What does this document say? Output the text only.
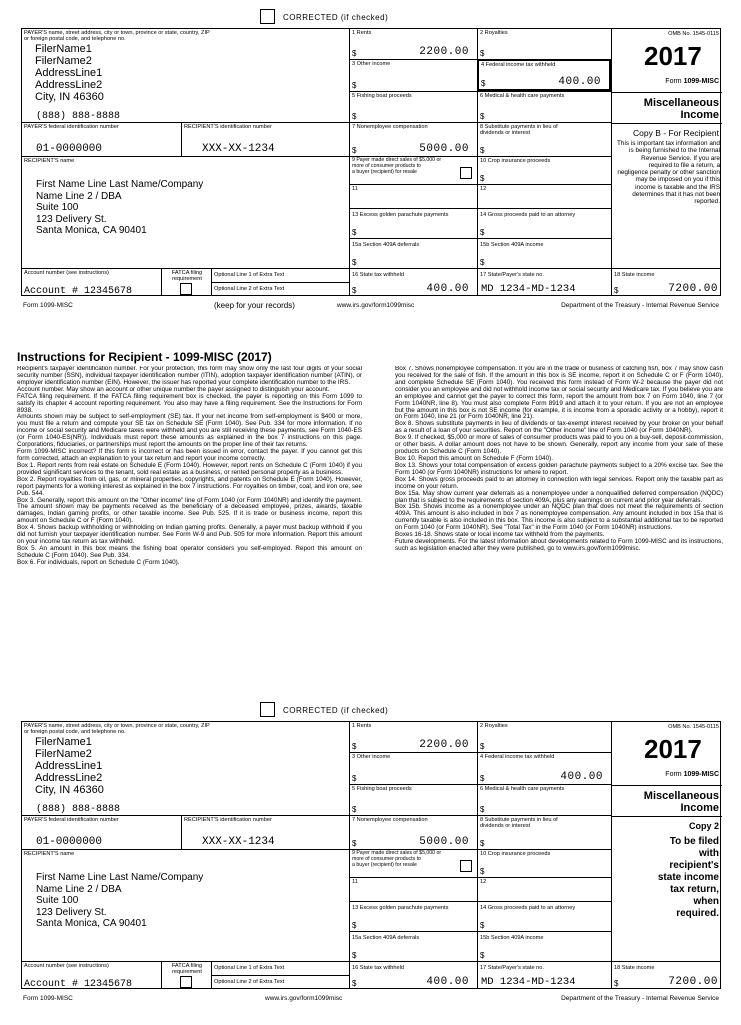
CORRECTED (if checked)
PAYER'S name, street address, city or town, province or state, country, ZIP
or foreign postal code, and telephone no.
FilerName1
FilerName2
AddressLine1
AddressLine2
City, IN 46360
(888) 888-8888
PAYER'S federal identification number
01-0000000
RECIPIENT'S identification number
XXX-XX-1234
RECIPIENT'S name
First Name Line Last Name/Company
Name Line 2 / DBA
Suite 100
123 Delivery St.
Santa Monica, CA 90401
Account number (see instructions)
Account # 12345678
FATCA filing
requirement
Optional Line 1 of Extra Text
Optional Line 2 of Extra Text
1 Rents
$	2200.00
2 Royalties
$
3 Other income
$
4 Federal income tax withheld
$	400.00
5 Fishing boat proceeds
$
6 Medical & health care payments
$
7 Nonemployee compensation
$	5000.00
8 Substitute payments in lieu of
dividends or interest
$
9 Payer made direct sales of $5,000 or
more of consumer products to
a buyer (recipient) for resale
10 Crop insurance proceeds
$
11	12
13 Excess golden parachute payments
$
14 Gross proceeds paid to an attorney
$
15a Section 409A deferrals
$
15b Section 409A income
$
16 State tax withheld
$	400.00
17 State/Payer's state no.
MD 1234-MD-1234
18 State income
$	7200.00
OMB No. 1545-0115
2017
Form 1099-MISC
Miscellaneous
Income
Copy B - For Recipient
This is important tax information and is being furnished to the Internal Revenue Service. If you are required to file a return, a negligence penalty or other sanction may be imposed on you if this income is taxable and the IRS determines that it has not been reported.
Form 1099-MISC	(keep for your records)	www.irs.gov/form1099misc	Department of the Treasury - Internal Revenue Service
Instructions for Recipient - 1099-MISC (2017)

Recipient's taxpayer identification number. For your protection, this form may show only the last four digits of your social security number (SSN), individual taxpayer identification number (ITIN), adoption taxpayer identification number (ATIN), or employer identification number (EIN). However, the issuer has reported your complete identification number to the IRS.

Account number. May show an account or other unique number the payer assigned to distinguish your account.

FATCA filing requirement. If the FATCA filing requirement box is checked, the payer is reporting on this Form 1099 to satisfy its chapter 4 account reporting requirement. You also may have a filing requirement. See the Instructions for Form 8938.

Amounts shown may be subject to self-employment (SE) tax. If your net income from self-employment is $400 or more, you must file a return and compute your SE tax on Schedule SE (Form 1040). See Pub. 334 for more information. If no income or social security and Medicare taxes were withheld and you are still receiving these payments, see Form 1040-ES (or Form 1040-ES(NR)). Individuals must report these amounts as explained in the box 7 instructions on this page. Corporations, fiduciaries, or partnerships must report the amounts on the proper line of their tax returns.

Form 1099-MISC incorrect? If this form is incorrect or has been issued in error, contact the payer. If you cannot get this form corrected, attach an explanation to your tax return and report your income correctly.

Box 1. Report rents from real estate on Schedule E (Form 1040). However, report rents on Schedule C (Form 1040) if you provided significant services to the tenant, sold real estate as a business, or rented personal property as a business.

Box 2. Report royalties from oil, gas, or mineral properties, copyrights, and patents on Schedule E (Form 1040). However, report payments for a working interest as explained in the box 7 instructions. For royalties on timber, coal, and iron ore, see Pub. 544.

Box 3. Generally, report this amount on the "Other income" line of Form 1040 (or Form 1040NR) and identify the payment. The amount shown may be payments received as the beneficiary of a deceased employee, prizes, awards, taxable damages, Indian gaming profits, or other taxable income. See Pub. 525. If it is trade or business income, report this amount on Schedule C or F (Form 1040).

Box 4. Shows backup withholding or withholding on Indian gaming profits. Generally, a payer must backup withhold if you did not furnish your taxpayer identification number. See Form W-9 and Pub. 505 for more information. Report this amount on your income tax return as tax withheld.

Box 5. An amount in this box means the fishing boat operator considers you self-employed. Report this amount on Schedule C (Form 1040). See Pub. 334.

Box 6. For individuals, report on Schedule C (Form 1040).

Box 7. Shows nonemployee compensation. If you are in the trade or business of catching fish, box 7 may show cash you received for the sale of fish. If the amount in this box is SE income, report it on Schedule C or F (Form 1040), and complete Schedule SE (Form 1040). You received this form instead of Form W-2 because the payer did not consider you an employee and did not withhold income tax or social security and Medicare tax. If you believe you are an employee and cannot get the payer to correct this form, report the amount from box 7 on Form 1040, line 7 (or Form 1040NR, line 8). You must also complete Form 8919 and attach it to your return. If you are not an employee but the amount in this box is not SE income (for example, it is income from a sporadic activity or a hobby), report it on Form 1040, line 21 (or Form 1040NR, line 21).

Box 8. Shows substitute payments in lieu of dividends or tax-exempt interest received by your broker on your behalf as a result of a loan of your securities. Report on the "Other income" line of Form 1040 (or Form 1040NR).

Box 9. If checked, $5,000 or more of sales of consumer products was paid to you on a buy-sell, deposit-commission, or other basis. A dollar amount does not have to be shown. Generally, report any income from your sale of these products on Schedule C (Form 1040).

Box 10. Report this amount on Schedule F (Form 1040).

Box 13. Shows your total compensation of excess golden parachute payments subject to a 20% excise tax. See the Form 1040 (or Form 1040NR) instructions for where to report.

Box 14. Shows gross proceeds paid to an attorney in connection with legal services. Report only the taxable part as income on your return.

Box 15a. May show current year deferrals as a nonemployee under a nonqualified deferred compensation (NQDC) plan that is subject to the requirements of section 409A, plus any earnings on current and prior year deferrals.

Box 15b. Shows income as a nonemployee under an NQDC plan that does not meet the requirements of section 409A. This amount is also included in box 7 as nonemployee compensation. Any amount included in box 15a that is currently taxable is also included in this box. This income is also subject to a substantial additional tax to be reported on Form 1040 (or Form 1040NR). See "Total Tax" in the Form 1040 (or Form 1040NR) instructions.

Boxes 16-18. Shows state or local income tax withheld from the payments.

Future developments. For the latest information about developments related to Form 1099-MISC and its instructions, such as legislation enacted after they were published, go to www.irs.gov/form1099misc.

CORRECTED (if checked)
PAYER'S name, street address, city or town, province or state, country, ZIP
or foreign postal code, and telephone no.
FilerName1
FilerName2
AddressLine1
AddressLine2
City, IN 46360
(888) 888-8888
PAYER'S federal identification number
01-0000000
RECIPIENT'S identification number
XXX-XX-1234
RECIPIENT'S name
First Name Line Last Name/Company
Name Line 2 / DBA
Suite 100
123 Delivery St.
Santa Monica, CA 90401
Account number (see instructions)
Account # 12345678
FATCA filing
requirement
Optional Line 1 of Extra Text
Optional Line 2 of Extra Text
1 Rents
$	2200.00
2 Royalties
$
3 Other income
$
4 Federal income tax withheld
$	400.00
5 Fishing boat proceeds
$
6 Medical & health care payments
$
7 Nonemployee compensation
$	5000.00
8 Substitute payments in lieu of
dividends or interest
$
9 Payer made direct sales of $5,000 or
more of consumer products to
a buyer (recipient) for resale
10 Crop insurance proceeds
$
11	12
13 Excess golden parachute payments
$
14 Gross proceeds paid to an attorney
$
15a Section 409A deferrals
$
15b Section 409A income
$
16 State tax withheld
$	400.00
17 State/Payer's state no.
MD 1234-MD-1234
18 State income
$	7200.00
OMB No. 1545-0115
2017
Form 1099-MISC
Miscellaneous
Income
Copy 2
To be filed
with
recipient's
state income
tax return,
when
required.
Form 1099-MISC	www.irs.gov/form1099misc	Department of the Treasury - Internal Revenue Service
